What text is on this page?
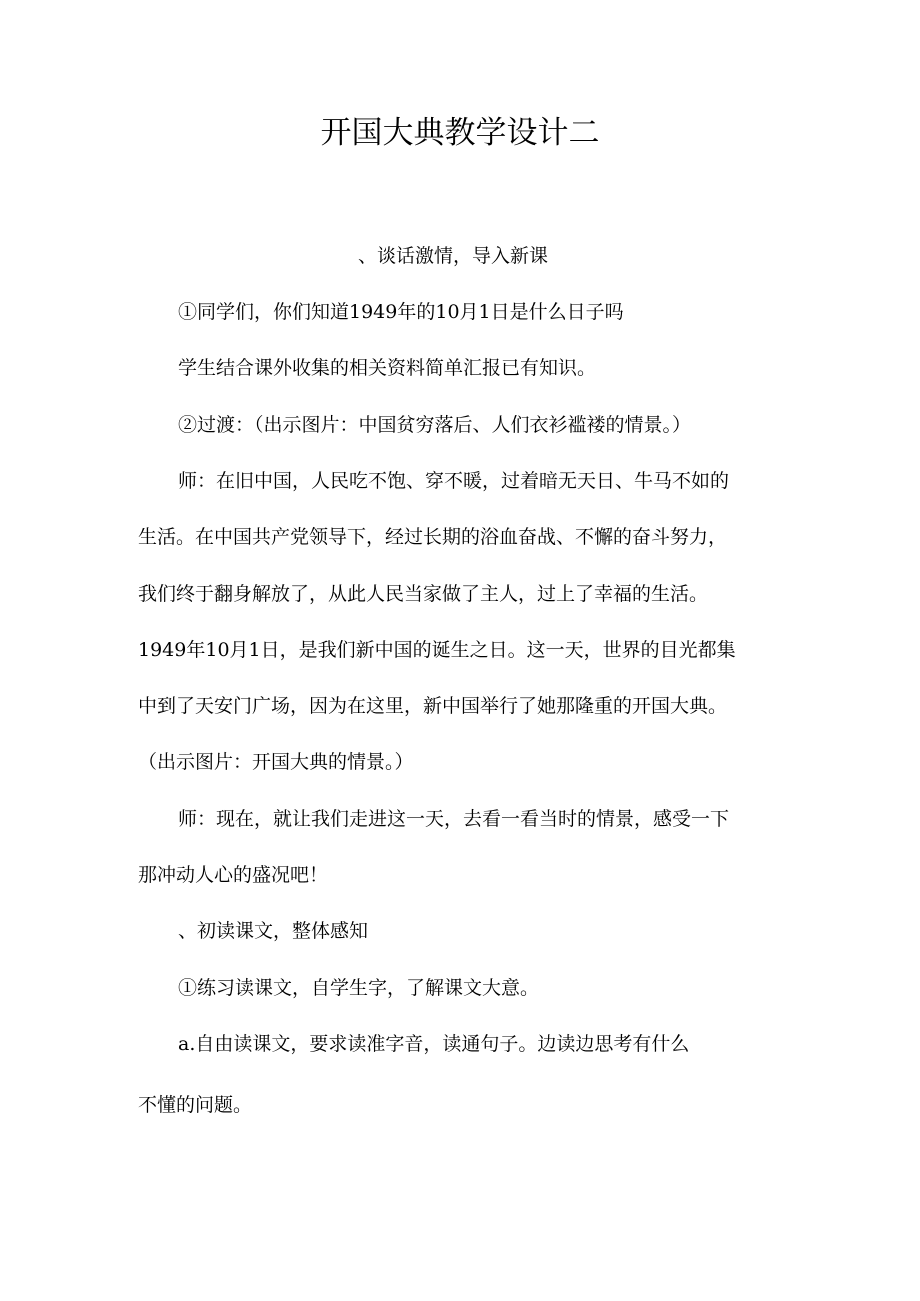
开国大典教学设计二
、谈话激情，导入新课
①同学们，你们知道1949年的10月1日是什么日子吗
学生结合课外收集的相关资料简单汇报已有知识。
②过渡：（出示图片：中国贫穷落后、人们衣衫褴褛的情景。）
师：在旧中国，人民吃不饱、穿不暖，过着暗无天日、牛马不如的
生活。在中国共产党领导下，经过长期的浴血奋战、不懈的奋斗努力，
我们终于翻身解放了，从此人民当家做了主人，过上了幸福的生活。
1949年10月1日，是我们新中国的诞生之日。这一天，世界的目光都集
中到了天安门广场，因为在这里，新中国举行了她那隆重的开国大典。
（出示图片：开国大典的情景。）
师：现在，就让我们走进这一天，去看一看当时的情景，感受一下
那冲动人心的盛况吧！
、初读课文，整体感知
①练习读课文，自学生字，了解课文大意。
a.自由读课文，要求读准字音，读通句子。边读边思考有什么
不懂的问题。
